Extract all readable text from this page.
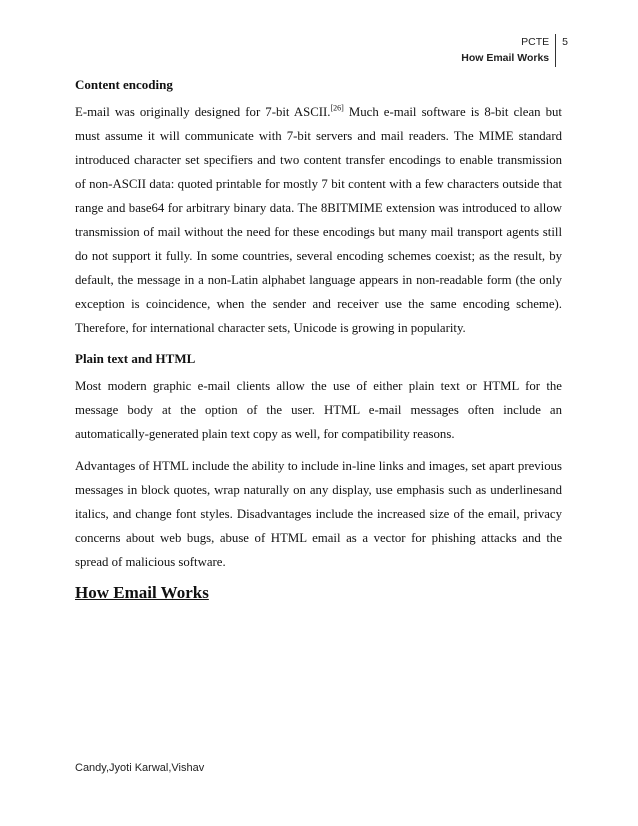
PCTE
How Email Works
5
Content encoding

E-mail was originally designed for 7-bit ASCII.[26] Much e-mail software is 8-bit clean but must assume it will communicate with 7-bit servers and mail readers. The MIME standard introduced character set specifiers and two content transfer encodings to enable transmission of non-ASCII data: quoted printable for mostly 7 bit content with a few characters outside that range and base64 for arbitrary binary data. The 8BITMIME extension was introduced to allow transmission of mail without the need for these encodings but many mail transport agents still do not support it fully. In some countries, several encoding schemes coexist; as the result, by default, the message in a non-Latin alphabet language appears in non-readable form (the only exception is coincidence, when the sender and receiver use the same encoding scheme). Therefore, for international character sets, Unicode is growing in popularity.

Plain text and HTML

Most modern graphic e-mail clients allow the use of either plain text or HTML for the message body at the option of the user. HTML e-mail messages often include an automatically-generated plain text copy as well, for compatibility reasons.

Advantages of HTML include the ability to include in-line links and images, set apart previous messages in block quotes, wrap naturally on any display, use emphasis such as underlinesand italics, and change font styles. Disadvantages include the increased size of the email, privacy concerns about web bugs, abuse of HTML email as a vector for phishing attacks and the spread of malicious software.

How Email Works
Candy,Jyoti Karwal,Vishav
